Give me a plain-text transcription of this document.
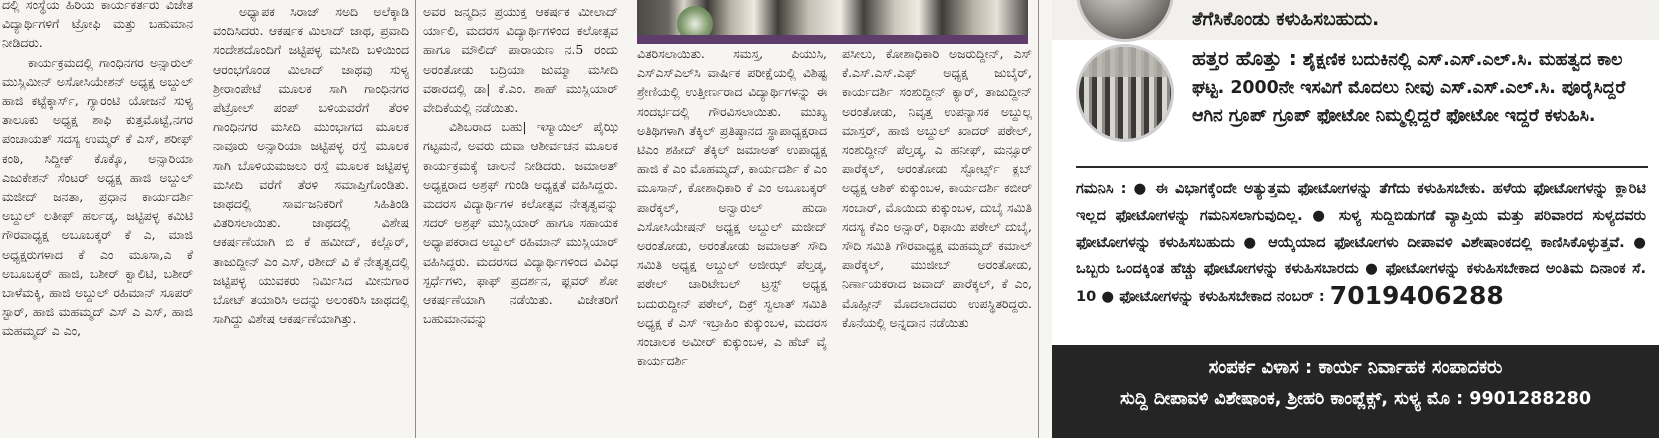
ದಲ್ಲಿ ಸಂಸ್ಥೆಯ ಹಿರಿಯ ಕಾರ್ಯಕರ್ತರು ವಿಜೇತ ವಿದ್ಯಾರ್ಥಿಗಳಿಗೆ ಟ್ರೋಫಿ ಮತ್ತು ಬಹುಮಾನ ನೀಡಿದರು.

ಕಾರ್ಯಕ್ರಮದಲ್ಲಿ ಗಾಂಧಿನಗರ ಅನ್ಸಾರುಲ್ ಮುಸ್ಲಿಮೀನ್ ಅಸೋಸಿಯೇಶನ್ ಅಧ್ಯಕ್ಷ ಅಬ್ದುಲ್ ಹಾಜಿ ಕಟ್ಟೆಕ್ಕಾರ್ಸ್, ಗ್ಯಾರಂಟಿ ಯೋಜನೆ ಸುಳ್ಯ ತಾಲೂಕು ಅಧ್ಯಕ್ಷ ಶಾಫಿ ಕುತ್ತಮೊಟ್ಟೆ,ನಗರ ಪಂಚಾಯತ್ ಸದಸ್ಯ ಉಮ್ಮರ್ ಕೆ ಎಸ್, ಶರೀಫ್ ಕಂಠಿ, ಸಿದ್ದೀಕ್ ಕೊಕ್ಕೊ, ಅನ್ಸಾರಿಯಾ ಎಜುಕೇಶನ್ ಸೆಂಟರ್ ಅಧ್ಯಕ್ಷ ಹಾಜಿ ಅಬ್ದುಲ್ ಮಜೀದ್ ಜನತಾ, ಪ್ರಧಾನ ಕಾರ್ಯದರ್ಶಿ ಅಬ್ದುಲ್ ಲತೀಫ್ ಹರ್ಲಡ್ಕ, ಜಟ್ಟಿಪಳ್ಳ ಕಮಿಟಿ ಗೌರವಾಧ್ಯಕ್ಷ ಅಬೂಬಕ್ಕರ್ ಕೆ ಎ, ಮಾಜಿ ಅಧ್ಯಕ್ಷರುಗಳಾದ ಕೆ ಎಂ ಮೂಸಾ,ಎ ಕೆ ಅಬೂಬಕ್ಕರ್ ಹಾಜಿ, ಬಶೀರ್ ಕ್ವಾಲಿಟಿ, ಬಶೀರ್ ಬಾಳೆಮಕ್ಕಿ, ಹಾಜಿ ಅಬ್ದುಲ್ ರಹಿಮಾನ್ ಸೂಪರ್ ಸ್ಟಾರ್, ಹಾಜಿ ಮಹಮ್ಮದ್ ಎಸ್ ಎ ಎಸ್, ಹಾಜಿ ಮಹಮ್ಮದ್ ಎ ಎಂ,

ಅಧ್ಯಾಪಕ ಸಿರಾಜ್ ಸಅದಿ ಅಲೆಕ್ಕಾಡಿ ವಂದಿಸಿದರು. ಆಕರ್ಷಕ ಮಿಲಾದ್ ಜಾಥ, ಪ್ರವಾದಿ ಸಂದೇಶದೊಂದಿಗೆ ಜಟ್ಟಿಪಳ್ಳ ಮಸೀದಿ ಬಳಿಯಿಂದ ಆರಂಭಗೊಂಡ ಮಿಲಾದ್ ಜಾಥವು ಸುಳ್ಯ ಶ್ರೀರಾಂಪೇಟೆ ಮೂಲಕ ಸಾಗಿ ಗಾಂಧಿನಗರ ಪೆಟ್ರೋಲ್ ಪಂಪ್ ಬಳಿಯವರೆಗೆ ತೆರಳಿ ಗಾಂಧಿನಗರ ಮಸೀದಿ ಮುಂಭಾಗದ ಮೂಲಕ ನಾವೂರು ಅನ್ಸಾರಿಯಾ ಜಟ್ಟಿಪಳ್ಳ ರಸ್ತೆ ಮೂಲಕ ಸಾಗಿ ಬೊಳಿಯಮಜಲು ರಸ್ತೆ ಮೂಲಕ ಜಟ್ಟಿಪಳ್ಳ ಮಸೀದಿ ವರೆಗೆ ತೆರಳಿ ಸಮಾಪ್ತಿಗೊಂಡಿತು. ಜಾಥದಲ್ಲಿ ಸಾರ್ವಜನಿಕರಿಗೆ ಸಿಹಿತಿಂಡಿ ವಿತರಿಸಲಾಯಿತು. ಜಾಥದಲ್ಲಿ ವಿಶೇಷ ಆಕರ್ಷಣೆಯಾಗಿ ಬಿ ಕೆ ಹಮೀದ್, ಕಲ್ಲೊರ್, ತಾಜುದ್ದೀನ್ ಎಂ ಎಸ್, ರಶೀದ್ ವಿ ಕೆ ನೇತೃತ್ವದಲ್ಲಿ ಜಟ್ಟಿಪಳ್ಳ ಯುವಕರು ನಿರ್ಮಿಸಿದ ಮೀನುಗಾರ ಬೋಟ್ ತಯಾರಿಸಿ ಅದನ್ನು ಅಲಂಕರಿಸಿ ಜಾಥದಲ್ಲಿ ಸಾಗಿದ್ದು ವಿಶೇಷ ಆಕರ್ಷಣೆಯಾಗಿತ್ತು.

ಅವರ ಜನ್ಮದಿನ ಪ್ರಯುಕ್ತ ಆಕರ್ಷಕ ಮೀಲಾದ್ ರ್ಯಾಲಿ, ಮದರಸ ವಿದ್ಯಾರ್ಥಿಗಳಿಂದ ಕಲೋತ್ಸವ ಹಾಗೂ ಮೌಲಿದ್ ಪಾರಾಯಣ ನ.5 ರಂದು ಅರಂತೋಡು ಬದ್ರಿಯಾ ಜುಮ್ಮಾ ಮಸೀದಿ ವಠಾರದಲ್ಲಿ ಡಾ| ಕೆ.ಎಂ. ಶಾಹ್ ಮುಸ್ಲಿಯಾರ್ ವೇದಿಕೆಯಲ್ಲಿ ನಡೆಯಿತು.

ವಿಶಿಬರಾದ ಬಹು| ಇಸ್ಮಾಯಿಲ್ ಪೈಝಿ ಗಟ್ಟಮನೆ, ಅವರು ದುವಾ ಆಶೀರ್ವಚನ ಮೂಲಕ ಕಾರ್ಯಕ್ರಮಕ್ಕೆ ಚಾಲನೆ ನೀಡಿದರು. ಜಮಾಅತ್ ಅಧ್ಯಕ್ಷರಾದ ಅಶ್ರಫ್ ಗುಂಡಿ ಅಧ್ಯಕ್ಷತೆ ವಹಿಸಿದ್ದರು. ಮದರಸ ವಿದ್ಯಾರ್ಥಿಗಳ ಕಲೋತ್ಸವ ನೇತೃತ್ವವನ್ನು ಸದರ್ ಅಶ್ರಫ್ ಮುಸ್ಲಿಯಾರ್ ಹಾಗೂ ಸಹಾಯಕ ಅಧ್ಯಾಪಕರಾದ ಅಬ್ದುಲ್ ರಹಿಮಾನ್ ಮುಸ್ಲಿಯಾರ್ ವಹಿಸಿದ್ದರು. ಮದರಸದ ವಿದ್ಯಾರ್ಥಿಗಳಿಂದ ವಿವಿಧ ಸ್ಪರ್ಧೆಗಳು, ಫಾಫ್ ಪ್ರದರ್ಶನ, ಫ್ಲವರ್ ಶೋ ಆಕರ್ಷಣೆಯಾಗಿ ನಡೆಯಿತು. ವಿಜೇತರಿಗೆ ಬಹುಮಾನವನ್ನು

ವಿತರಿಸಲಾಯಿತು. ಸಮಸ್ತ, ಪಿಯುಸಿ, ಎಸ್‌ಎಸ್‌ಎಲ್‌ಸಿ ವಾರ್ಷಿಕ ಪರೀಕ್ಷೆಯಲ್ಲಿ ವಿಶಿಷ್ಟ ಶ್ರೇಣಿಯಲ್ಲಿ ಉತ್ತೀರ್ಣರಾದ ವಿದ್ಯಾರ್ಥಿಗಳನ್ನು ಈ ಸಂದರ್ಭದಲ್ಲಿ ಗೌರವಿಸಲಾಯಿತು. ಮುಖ್ಯ ಅತಿಥಿಗಳಾಗಿ ತೆಕ್ಕಿಲ್ ಪ್ರತಿಷ್ಠಾನದ ಸ್ಥಾಪಾಧ್ಯಕ್ಷರಾದ ಟಿಎಂ ಶಹೀದ್ ತೆಕ್ಕಿಲ್ ಜಮಾಅತ್ ಉಪಾಧ್ಯಕ್ಷ ಹಾಜಿ ಕೆ ಎಂ ಮೊಹಮ್ಮದ್, ಕಾರ್ಯದರ್ಶಿ ಕೆ ಎಂ ಮೂಸಾನ್, ಕೋಶಾಧಿಕಾರಿ ಕೆ ಎಂ ಅಬೂಬಕ್ಕರ್ ಪಾರೆಕ್ಕಲ್, ಅನ್ವಾರುಲ್ ಹುದಾ ಎಸೋಸಿಯೇಷನ್ ಅಧ್ಯಕ್ಷ ಅಬ್ದುಲ್ ಮಜೀದ್ ಅರಂತೋಡು, ಅರಂತೋಡು ಜಮಾಅತ್ ಸೌದಿ ಸಮಿತಿ ಅಧ್ಯಕ್ಷ ಅಬ್ದುಲ್ ಅಜೀಝ್ ಪೆಲ್ತಡ್ಕ, ಪಠೇಲ್ ಚಾರಿಟೇಬಲ್ ಟ್ರಸ್ಟ್ ಅಧ್ಯಕ್ಷ ಬದುರುದ್ದೀನ್ ಪಠೇಲ್, ದಿಕ್ರ್ ಸ್ವಲಾತ್ ಸಮಿತಿ ಅಧ್ಯಕ್ಷ ಕೆ ಎಸ್ ಇಬ್ರಾಹಿಂ ಕುಕ್ಕುಂಬಳ, ಮದರಸ ಸಂಚಾಲಕ ಅಮೀರ್ ಕುಕ್ಕುಂಬಳ, ಎ ಹೆಚ್ ವೈ ಕಾರ್ಯದರ್ಶಿ

ಪಸೀಲು, ಕೋಶಾಧಿಕಾರಿ ಅಜರುದ್ದೀನ್, ಎಸ್ ಕೆ.ಎಸ್.ಎಸ್.ಎಫ್ ಅಧ್ಯಕ್ಷ ಜುಬೈರ್, ಕಾರ್ಯದರ್ಶಿ ಸಂಶುದ್ದೀನ್ ಕ್ಯಾರ್, ತಾಜುದ್ದೀನ್ ಅರಂತೋಡು, ನಿವೃತ್ತ ಉಪನ್ಯಾಸಕ ಅಬ್ದುಲ್ಲ ಮಾಸ್ತರ್, ಹಾಜಿ ಅಬ್ದುಲ್ ಖಾದರ್ ಪಠೇಲ್, ಸಂಶುದ್ದೀನ್ ಪೆಲ್ತಡ್ಕ, ಎ ಹನೀಫ್, ಮನ್ಸೂರ್ ಪಾರೆಕ್ಕಲ್, ಅರಂತೋಡು ಸ್ಪೋರ್ಟ್ಸ್ ಕ್ಲಬ್ ಅಧ್ಯಕ್ಷ ಆಶಿಕ್ ಕುಕ್ಕುಂಬಳ, ಕಾರ್ಯದರ್ಶಿ ಕಬೀರ್ ಸಂಬಾರ್, ಮೊಯಿದು ಕುಕ್ಕುಂಬಳ, ದುಬೈ ಸಮಿತಿ ಸದಸ್ಯ ಕೆಎಂ ಅನ್ಸಾರ್, ರಿಫಾಯಿ ಪಠೇಲ್ ದುಬೈ, ಸೌದಿ ಸಮಿತಿ ಗೌರವಾಧ್ಯಕ್ಷ ಮಹಮ್ಮದ್ ಕಮಾಲ್ ಪಾರೆಕ್ಕಲ್, ಮುಜೀಬ್ ಅರಂತೋಡು, ನಿರ್ಣಾಯಕರಾದ ಜವಾದ್ ಪಾರೆಕ್ಕಲ್, ಕೆ ಎಂ, ಮೊಹ್ಸೀನ್ ಮೊದಲಾದವರು ಉಪಸ್ಥಿತರಿದ್ದರು. ಕೊನೆಯಲ್ಲಿ ಅನ್ನದಾನ ನಡೆಯಿತು

ತೆಗೆಸಿಕೊಂಡು ಕಳುಹಿಸಬಹುದು.
ಹತ್ತರ ಹೊತ್ತು : ಶೈಕ್ಷಣಿಕ ಬದುಕಿನಲ್ಲಿ ಎಸ್.ಎಸ್.ಎಲ್.ಸಿ. ಮಹತ್ವದ ಕಾಲ ಘಟ್ಟ. 2000ನೇ ಇಸವಿಗೆ ಮೊದಲು ನೀವು ಎಸ್.ಎಸ್.ಎಲ್.ಸಿ. ಪೂರೈಸಿದ್ದರೆ ಆಗಿನ ಗ್ರೂಪ್ ಗ್ರೂಪ್ ಫೋಟೋ ನಿಮ್ಮಲ್ಲಿದ್ದರೆ ಫೋಟೋ ಇದ್ದರೆ ಕಳುಹಿಸಿ.
ಗಮನಿಸಿ : ● ಈ ವಿಭಾಗಕ್ಕೆಂದೇ ಅತ್ಯುತ್ತಮ ಫೋಟೋಗಳನ್ನು ತೆಗೆದು ಕಳುಹಿಸಬೇಕು. ಹಳೆಯ ಫೋಟೋಗಳನ್ನು ಕ್ಲಾರಿಟಿ ಇಲ್ಲದ ಫೋಟೋಗಳನ್ನು ಗಮನಿಸಲಾಗುವುದಿಲ್ಲ. ● ಸುಳ್ಯ ಸುದ್ದಿಬಿಡುಗಡೆ ವ್ಯಾಪ್ತಿಯ ಮತ್ತು ಪರಿವಾರದ ಸುಳ್ಯದವರು ಫೋಟೋಗಳನ್ನು ಕಳುಹಿಸಬಹುದು ● ಆಯ್ಕೆಯಾದ ಫೋಟೋಗಳು ದೀಪಾವಳಿ ವಿಶೇಷಾಂಕದಲ್ಲಿ ಕಾಣಿಸಿಕೊಳ್ಳುತ್ತವೆ. ● ಒಬ್ಬರು ಒಂದಕ್ಕಿಂತ ಹೆಚ್ಚು ಫೋಟೋಗಳನ್ನು ಕಳುಹಿಸಬಾರದು ● ಫೋಟೋಗಳನ್ನು ಕಳುಹಿಸಬೇಕಾದ ಅಂತಿಮ ದಿನಾಂಕ ಸೆ. 10 ● ಫೋಟೋಗಳನ್ನು ಕಳುಹಿಸಬೇಕಾದ ನಂಬರ್ : 7019406288
ಸಂಪರ್ಕ ವಿಳಾಸ : ಕಾರ್ಯ ನಿರ್ವಾಹಕ ಸಂಪಾದಕರು
ಸುದ್ದಿ ದೀಪಾವಳಿ ವಿಶೇಷಾಂಕ, ಶ್ರೀಹರಿ ಕಾಂಪ್ಲೆಕ್ಸ್, ಸುಳ್ಯ ಮೊ : 9901288280
